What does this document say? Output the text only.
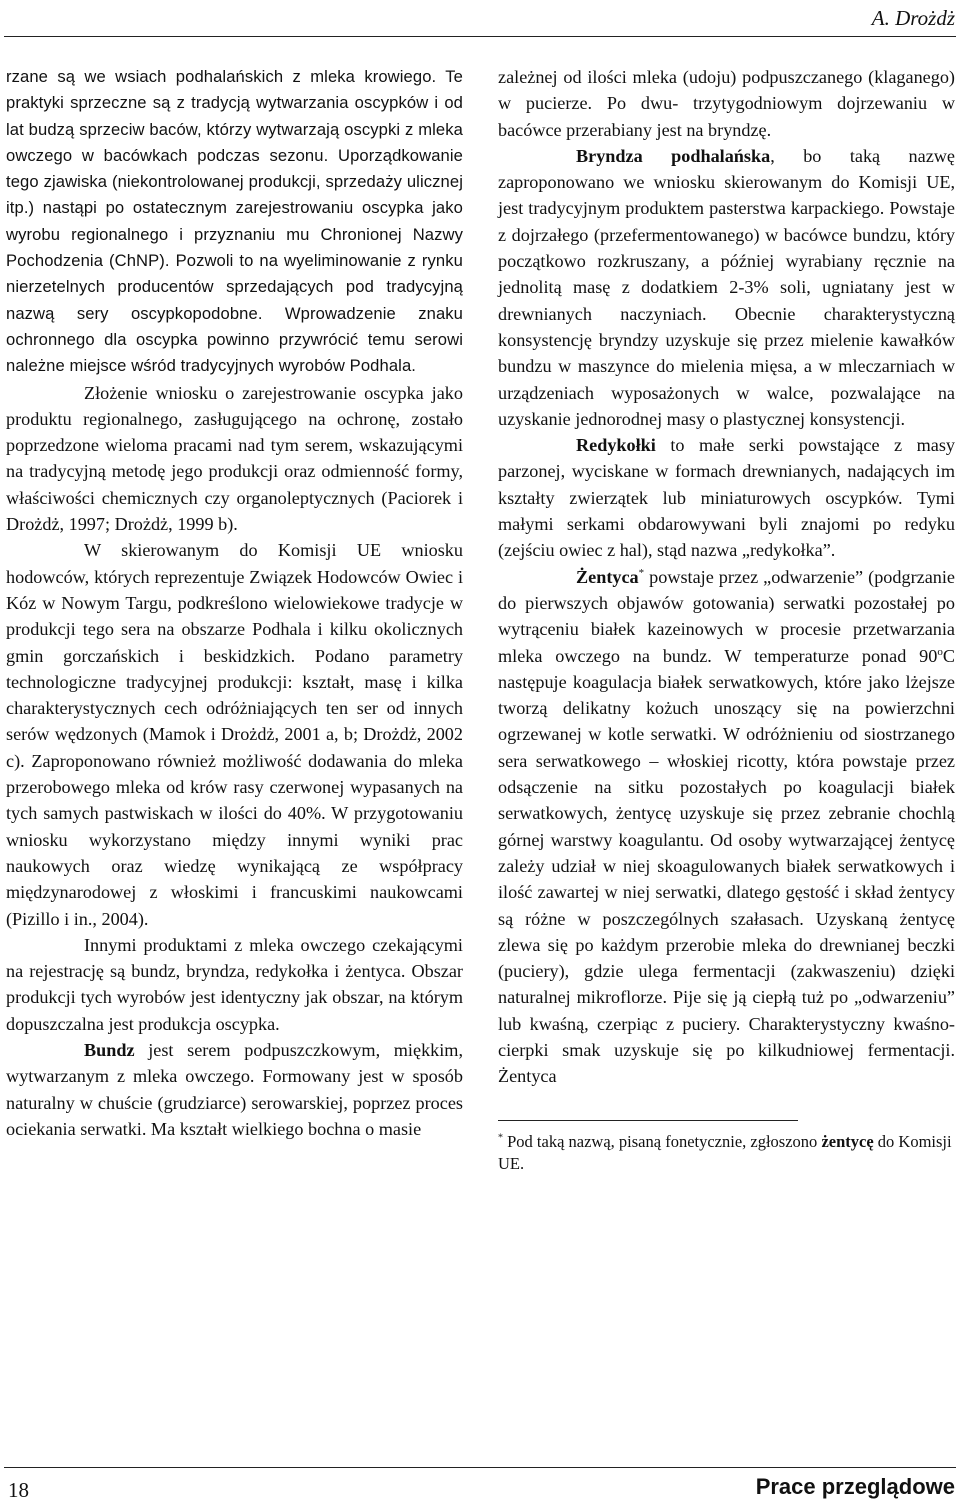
A. Drożdż

rzane są we wsiach podhalańskich z mleka krowiego. Te praktyki sprzeczne są z tradycją wytwarzania oscypków i od lat budzą sprzeciw baców, którzy wytwarzają oscypki z mleka owczego w bacówkach podczas sezonu. Uporządkowanie tego zjawiska (niekontrolowanej produkcji, sprzedaży ulicznej itp.) nastąpi po ostatecznym zarejestrowaniu oscypka jako wyrobu regionalnego i przyznaniu mu Chronionej Nazwy Pochodzenia (ChNP). Pozwoli to na wyeliminowanie z rynku nierzetelnych producentów sprzedających pod tradycyjną nazwą sery oscypkopodobne. Wprowadzenie znaku ochronnego dla oscypka powinno przywrócić temu serowi należne miejsce wśród tradycyjnych wyrobów Podhala.

Złożenie wniosku o zarejestrowanie oscypka jako produktu regionalnego, zasługującego na ochronę, zostało poprzedzone wieloma pracami nad tym serem, wskazującymi na tradycyjną metodę jego produkcji oraz odmienność formy, właściwości chemicznych czy organoleptycznych (Paciorek i Drożdż, 1997; Drożdż, 1999 b).

W skierowanym do Komisji UE wniosku hodowców, których reprezentuje Związek Hodowców Owiec i Kóz w Nowym Targu, podkreślono wielowiekowe tradycje w produkcji tego sera na obszarze Podhala i kilku okolicznych gmin gorczańskich i beskidzkich. Podano parametry technologiczne tradycyjnej produkcji: kształt, masę i kilka charakterystycznych cech odróżniających ten ser od innych serów wędzonych (Mamok i Drożdż, 2001 a, b; Drożdż, 2002 c). Zaproponowano również możliwość dodawania do mleka przerobowego mleka od krów rasy czerwonej wypasanych na tych samych pastwiskach w ilości do 40%. W przygotowaniu wniosku wykorzystano między innymi wyniki prac naukowych oraz wiedzę wynikającą ze współpracy międzynarodowej z włoskimi i francuskimi naukowcami (Pizillo i in., 2004).

Innymi produktami z mleka owczego czekającymi na rejestrację są bundz, bryndza, redykołka i żentyca. Obszar produkcji tych wyrobów jest identyczny jak obszar, na którym dopuszczalna jest produkcja oscypka.

Bundz jest serem podpuszczkowym, miękkim, wytwarzanym z mleka owczego. Formowany jest w sposób naturalny w chuście (grudziarce) serowarskiej, poprzez proces ociekania serwatki. Ma kształt wielkiego bochna o masie

zależnej od ilości mleka (udoju) podpuszczanego (klaganego) w pucierze. Po dwu- trzytygodniowym dojrzewaniu w bacówce przerabiany jest na bryndzę.

Bryndza podhalańska, bo taką nazwę zaproponowano we wniosku skierowanym do Komisji UE, jest tradycyjnym produktem pasterstwa karpackiego. Powstaje z dojrzałego (przefermentowanego) w bacówce bundzu, który początkowo rozkruszany, a później wyrabiany ręcznie na jednolitą masę z dodatkiem 2-3% soli, ugniatany jest w drewnianych naczyniach. Obecnie charakterystyczną konsystencję bryndzy uzyskuje się przez mielenie kawałków bundzu w maszynce do mielenia mięsa, a w mleczarniach w urządzeniach wyposażonych w walce, pozwalające na uzyskanie jednorodnej masy o plastycznej konsystencji.

Redykołki to małe serki powstające z masy parzonej, wyciskane w formach drewnianych, nadających im kształty zwierzątek lub miniaturowych oscypków. Tymi małymi serkami obdarowywani byli znajomi po redyku (zejściu owiec z hal), stąd nazwa „redykołka”.

Żentyca* powstaje przez „odwarzenie” (podgrzanie do pierwszych objawów gotowania) serwatki pozostałej po wytrąceniu białek kazeinowych w procesie przetwarzania mleka owczego na bundz. W temperaturze ponad 90$^o$C następuje koagulacja białek serwatkowych, które jako lżejsze tworzą delikatny kożuch unoszący się na powierzchni ogrzewanej w kotle serwatki. W odróżnieniu od siostrzanego sera serwatkowego – włoskiej ricotty, która powstaje przez odsączenie na sitku pozostałych po koagulacji białek serwatkowych, żentycę uzyskuje się przez zebranie chochlą górnej warstwy koagulantu. Od osoby wytwarzającej żentycę zależy udział w niej skoagulowanych białek serwatkowych i ilość zawartej w niej serwatki, dlatego gęstość i skład żentycy są różne w poszczególnych szałasach. Uzyskaną żentycę zlewa się po każdym przerobie mleka do drewnianej beczki (puciery), gdzie ulega fermentacji (zakwaszeniu) dzięki naturalnej mikroflorze. Pije się ją ciepłą tuż po „odwarzeniu” lub kwaśną, czerpiąc z puciery. Charakterystyczny kwaśno-cierpki smak uzyskuje się po kilkudniowej fermentacji. Żentyca

* Pod taką nazwą, pisaną fonetycznie, zgłoszono żentycę do Komisji UE.
18	Prace przeglądowe
